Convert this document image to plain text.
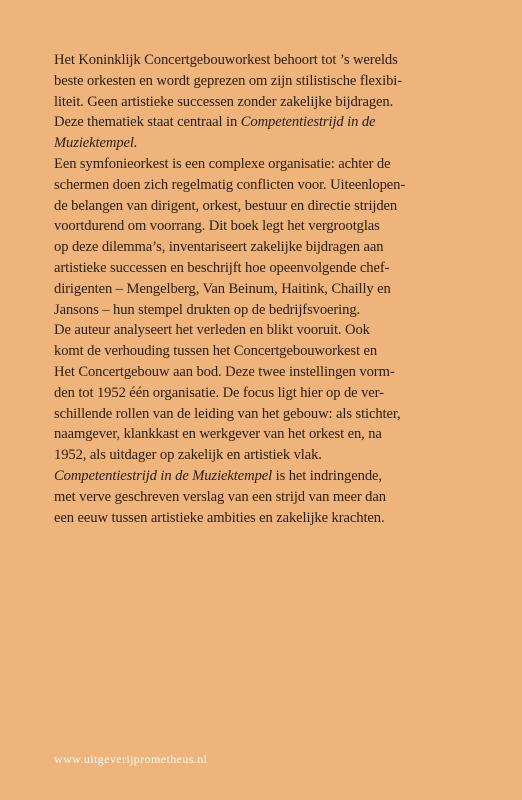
Het Koninklijk Concertgebouworkest behoort tot ’s werelds
beste orkesten en wordt geprezen om zijn stilistische flexibi-
liteit. Geen artistieke successen zonder zakelijke bijdragen.
Deze thematiek staat centraal in Competentiestrijd in de
Muziektempel.
Een symfonieorkest is een complexe organisatie: achter de
schermen doen zich regelmatig conflicten voor. Uiteenlopen-
de belangen van dirigent, orkest, bestuur en directie strijden
voortdurend om voorrang. Dit boek legt het vergrootglas
op deze dilemma’s, inventariseert zakelijke bijdragen aan
artistieke successen en beschrijft hoe opeenvolgende chef-
dirigenten – Mengelberg, Van Beinum, Haitink, Chailly en
Jansons – hun stempel drukten op de bedrijfsvoering.
De auteur analyseert het verleden en blikt vooruit. Ook
komt de verhouding tussen het Concertgebouworkest en
Het Concertgebouw aan bod. Deze twee instellingen vorm-
den tot 1952 één organisatie. De focus ligt hier op de ver-
schillende rollen van de leiding van het gebouw: als stichter,
naamgever, klankkast en werkgever van het orkest en, na
1952, als uitdager op zakelijk en artistiek vlak.
Competentiestrijd in de Muziektempel is het indringende,
met verve geschreven verslag van een strijd van meer dan
een eeuw tussen artistieke ambities en zakelijke krachten.
www.uitgeverijprometheus.nl
